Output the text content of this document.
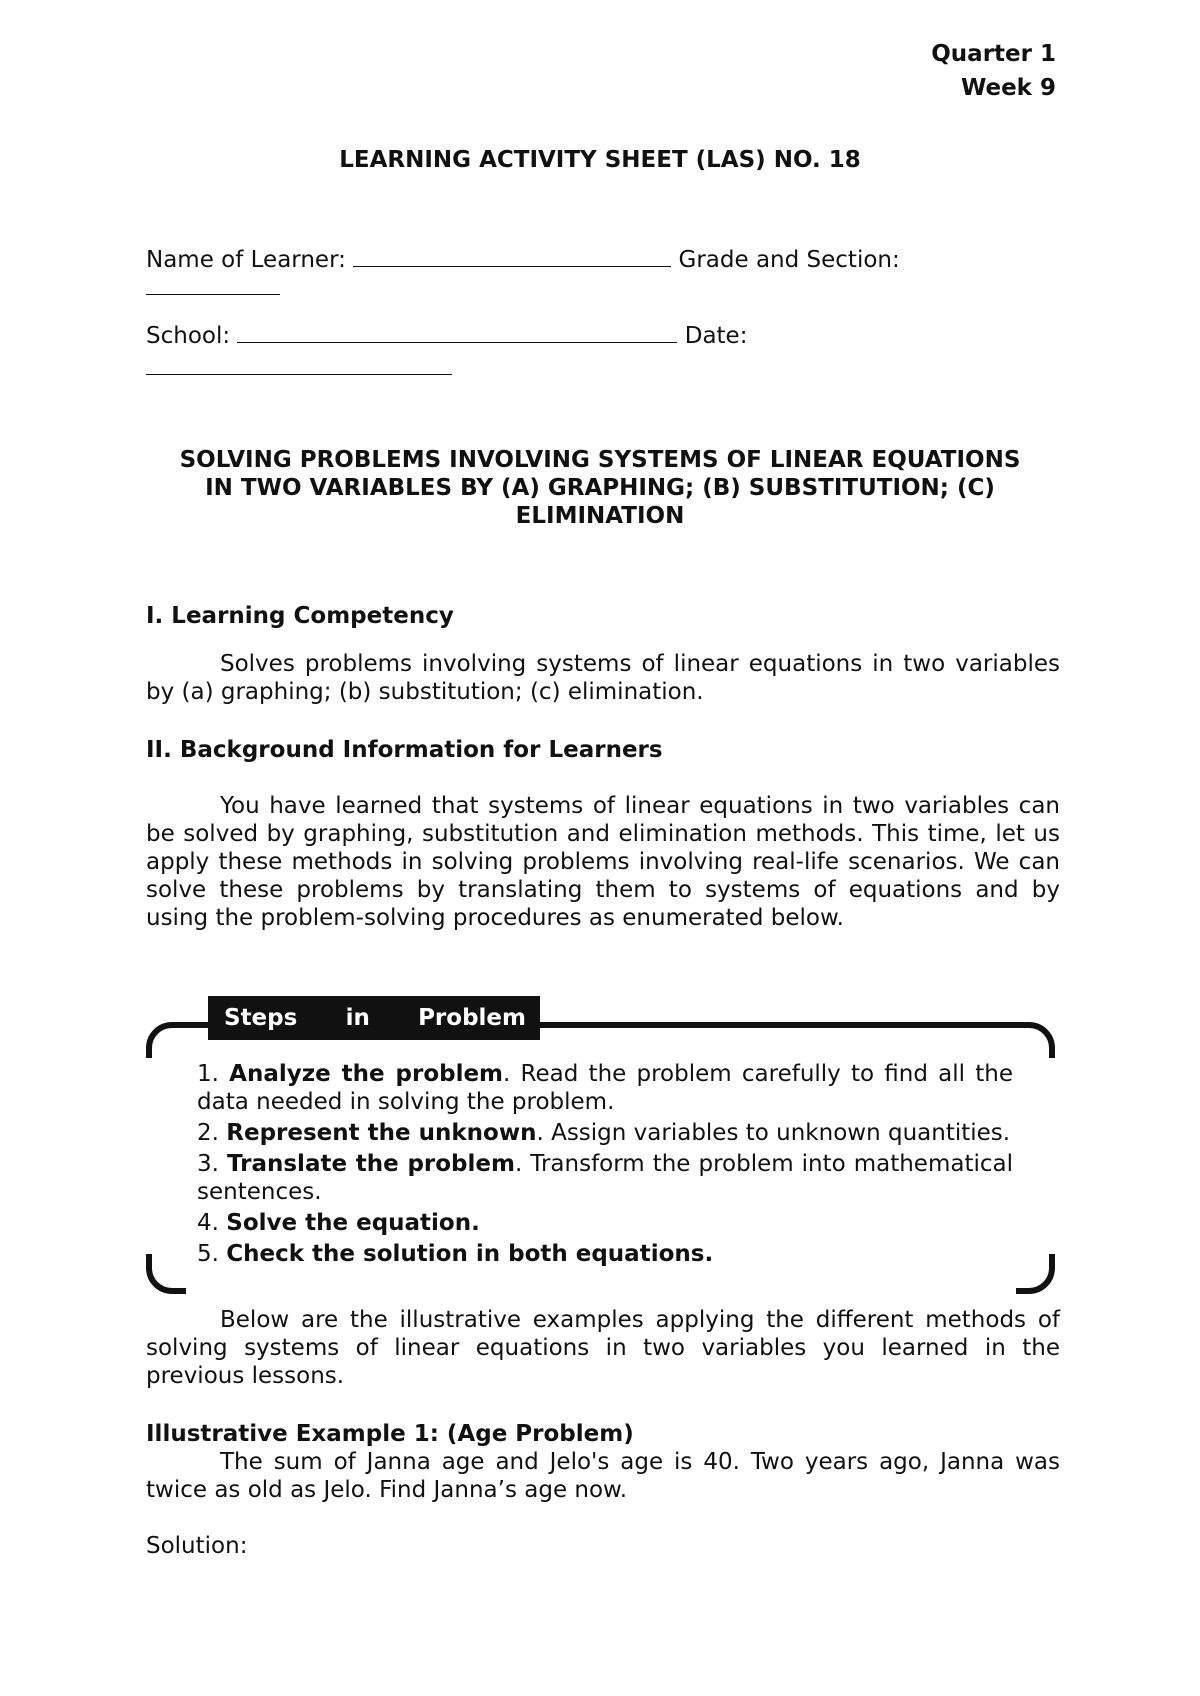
Quarter 1
Week 9
LEARNING ACTIVITY SHEET (LAS) NO. 18
Name of Learner:	Grade and Section:
School:	Date:
SOLVING PROBLEMS INVOLVING SYSTEMS OF LINEAR EQUATIONS
IN TWO VARIABLES BY (A) GRAPHING; (B) SUBSTITUTION; (C)
ELIMINATION
I. Learning Competency
Solves problems involving systems of linear equations in two variables by (a) graphing; (b) substitution; (c) elimination.
II. Background Information for Learners
You have learned that systems of linear equations in two variables can be solved by graphing, substitution and elimination methods. This time, let us apply these methods in solving problems involving real-life scenarios. We can solve these problems by translating them to systems of equations and by using the problem-solving procedures as enumerated below.
Steps in Problem
1. Analyze the problem. Read the problem carefully to find all the data needed in solving the problem.
2. Represent the unknown. Assign variables to unknown quantities.
3. Translate the problem. Transform the problem into mathematical sentences.
4. Solve the equation.
5. Check the solution in both equations.
Below are the illustrative examples applying the different methods of solving systems of linear equations in two variables you learned in the previous lessons.
Illustrative Example 1: (Age Problem)
The sum of Janna age and Jelo's age is 40. Two years ago, Janna was twice as old as Jelo. Find Janna’s age now.
Solution:
